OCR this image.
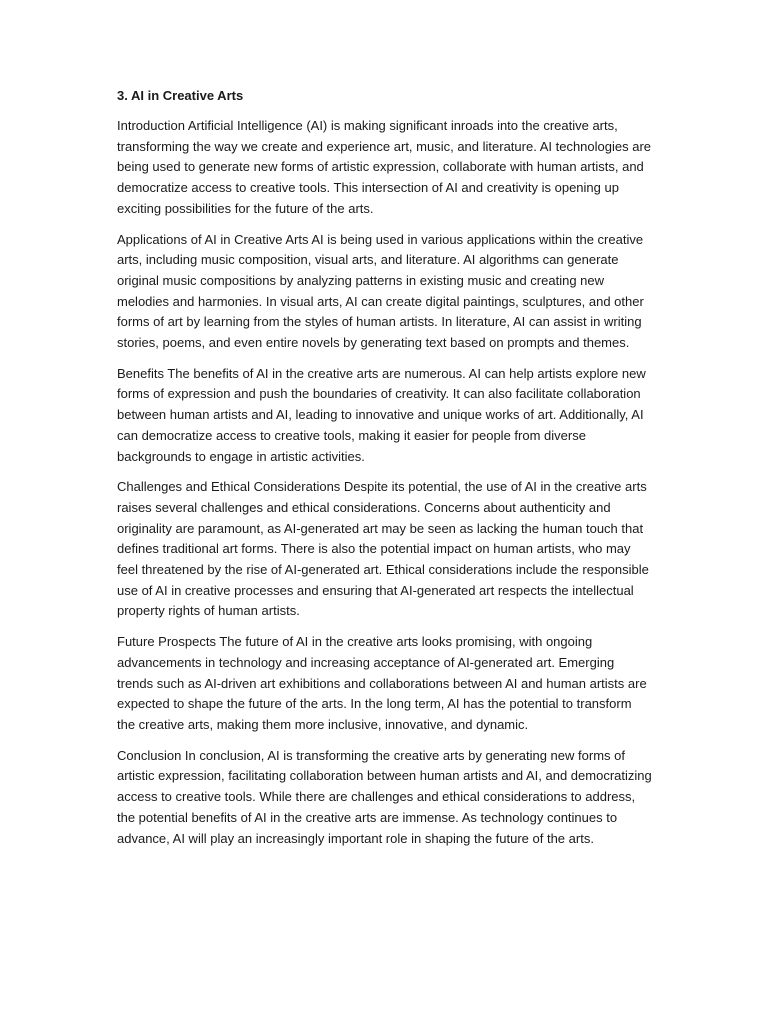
3. AI in Creative Arts

Introduction Artificial Intelligence (AI) is making significant inroads into the creative arts, transforming the way we create and experience art, music, and literature. AI technologies are being used to generate new forms of artistic expression, collaborate with human artists, and democratize access to creative tools. This intersection of AI and creativity is opening up exciting possibilities for the future of the arts.

Applications of AI in Creative Arts AI is being used in various applications within the creative arts, including music composition, visual arts, and literature. AI algorithms can generate original music compositions by analyzing patterns in existing music and creating new melodies and harmonies. In visual arts, AI can create digital paintings, sculptures, and other forms of art by learning from the styles of human artists. In literature, AI can assist in writing stories, poems, and even entire novels by generating text based on prompts and themes.

Benefits The benefits of AI in the creative arts are numerous. AI can help artists explore new forms of expression and push the boundaries of creativity. It can also facilitate collaboration between human artists and AI, leading to innovative and unique works of art. Additionally, AI can democratize access to creative tools, making it easier for people from diverse backgrounds to engage in artistic activities.

Challenges and Ethical Considerations Despite its potential, the use of AI in the creative arts raises several challenges and ethical considerations. Concerns about authenticity and originality are paramount, as AI-generated art may be seen as lacking the human touch that defines traditional art forms. There is also the potential impact on human artists, who may feel threatened by the rise of AI-generated art. Ethical considerations include the responsible use of AI in creative processes and ensuring that AI-generated art respects the intellectual property rights of human artists.

Future Prospects The future of AI in the creative arts looks promising, with ongoing advancements in technology and increasing acceptance of AI-generated art. Emerging trends such as AI-driven art exhibitions and collaborations between AI and human artists are expected to shape the future of the arts. In the long term, AI has the potential to transform the creative arts, making them more inclusive, innovative, and dynamic.

Conclusion In conclusion, AI is transforming the creative arts by generating new forms of artistic expression, facilitating collaboration between human artists and AI, and democratizing access to creative tools. While there are challenges and ethical considerations to address, the potential benefits of AI in the creative arts are immense. As technology continues to advance, AI will play an increasingly important role in shaping the future of the arts.
